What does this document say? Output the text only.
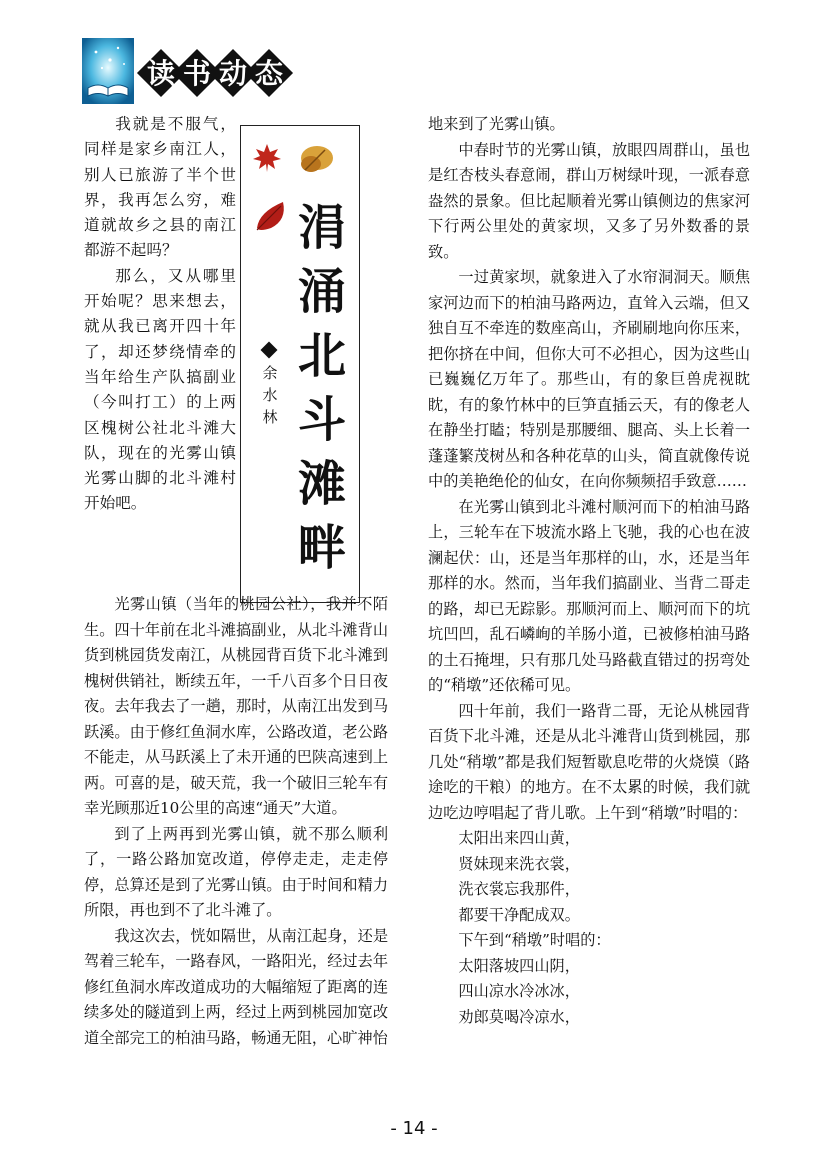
读 书 动 态

我就是不服气，同样是家乡南江人，别人已旅游了半个世界，我再怎么穷，难道就故乡之县的南江都游不起吗？

那么，又从哪里开始呢？思来想去，就从我已离开四十年了，却还梦绕情牵的当年给生产队搞副业（今叫打工）的上两区槐树公社北斗滩大队，现在的光雾山镇光雾山脚的北斗滩村开始吧。

涓
涌
北
斗
滩
畔
余
水
林

光雾山镇（当年的桃园公社），我并不陌生。四十年前在北斗滩搞副业，从北斗滩背山货到桃园货发南江，从桃园背百货下北斗滩到槐树供销社，断续五年，一千八百多个日日夜夜。去年我去了一趟，那时，从南江出发到马跃溪。由于修红鱼洞水库，公路改道，老公路不能走，从马跃溪上了未开通的巴陕高速到上两。可喜的是，破天荒，我一个破旧三轮车有幸光顾那近10公里的高速“通天”大道。

到了上两再到光雾山镇，就不那么顺利了，一路公路加宽改道，停停走走，走走停停，总算还是到了光雾山镇。由于时间和精力所限，再也到不了北斗滩了。

我这次去，恍如隔世，从南江起身，还是驾着三轮车，一路春风，一路阳光，经过去年修红鱼洞水库改道成功的大幅缩短了距离的连续多处的隧道到上两，经过上两到桃园加宽改道全部完工的柏油马路，畅通无阻，心旷神怡

地来到了光雾山镇。

中春时节的光雾山镇，放眼四周群山，虽也是红杏枝头春意闹，群山万树绿叶现，一派春意盎然的景象。但比起顺着光雾山镇侧边的焦家河下行两公里处的黄家坝，又多了另外数番的景致。

一过黄家坝，就象进入了水帘洞洞天。顺焦家河边而下的柏油马路两边，直耸入云端，但又独自互不牵连的数座高山，齐刷刷地向你压来，把你挤在中间，但你大可不必担心，因为这些山已巍巍亿万年了。那些山，有的象巨兽虎视眈眈，有的象竹林中的巨笋直插云天，有的像老人在静坐打瞌；特别是那腰细、腿高、头上长着一蓬蓬繁茂树丛和各种花草的山头，简直就像传说中的美艳绝伦的仙女，在向你频频招手致意……

在光雾山镇到北斗滩村顺河而下的柏油马路上，三轮车在下坡流水路上飞驰，我的心也在波澜起伏：山，还是当年那样的山，水，还是当年那样的水。然而，当年我们搞副业、当背二哥走的路，却已无踪影。那顺河而上、顺河而下的坑坑凹凹，乱石嶙峋的羊肠小道，已被修柏油马路的土石掩埋，只有那几处马路截直错过的拐弯处的“稍墩”还依稀可见。

四十年前，我们一路背二哥，无论从桃园背百货下北斗滩，还是从北斗滩背山货到桃园，那几处“稍墩”都是我们短暂歇息吃带的火烧馍（路途吃的干粮）的地方。在不太累的时候，我们就边吃边哼唱起了背儿歌。上午到“稍墩”时唱的：

太阳出来四山黄，

贤妹现来洗衣裳，

洗衣裳忘我那件，

都要干净配成双。

下午到“稍墩”时唱的：

太阳落坡四山阴，

四山凉水冷冰冰，

劝郎莫喝冷凉水，

- 14 -
